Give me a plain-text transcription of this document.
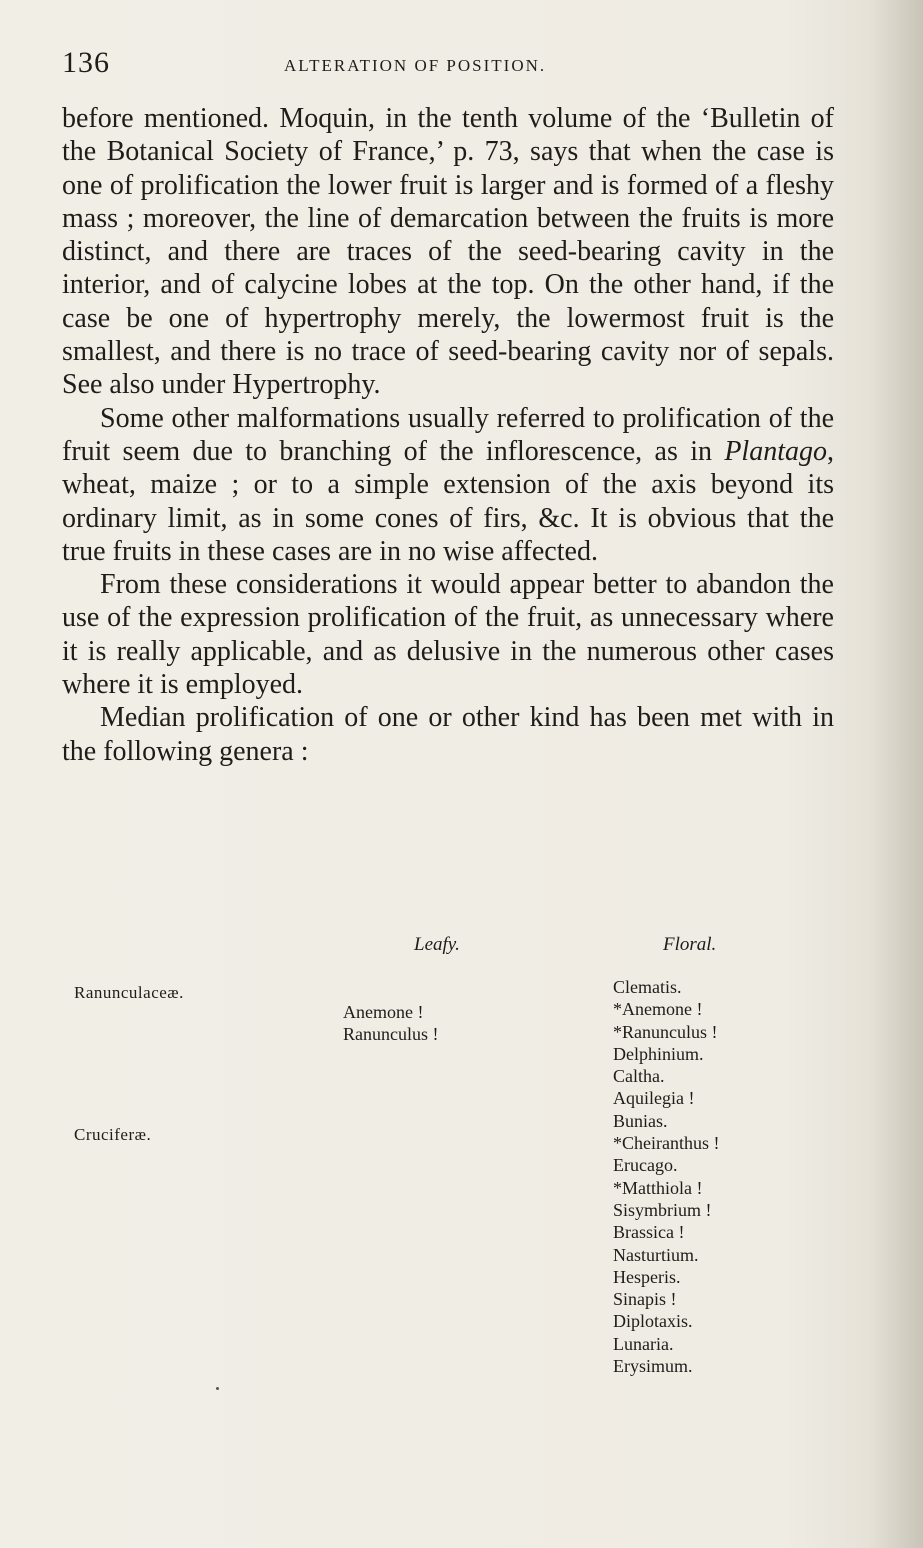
136	ALTERATION OF POSITION.

before mentioned. Moquin, in the tenth volume of the ‘Bulletin of the Botanical Society of France,’ p. 73, says that when the case is one of prolification the lower fruit is larger and is formed of a fleshy mass ; moreover, the line of demarcation between the fruits is more distinct, and there are traces of the seed-bearing cavity in the interior, and of calycine lobes at the top. On the other hand, if the case be one of hypertrophy merely, the lowermost fruit is the smallest, and there is no trace of seed-bearing cavity nor of sepals. See also under Hypertrophy.

Some other malformations usually referred to prolification of the fruit seem due to branching of the inflorescence, as in Plantago, wheat, maize ; or to a simple extension of the axis beyond its ordinary limit, as in some cones of firs, &c. It is obvious that the true fruits in these cases are in no wise affected.

From these considerations it would appear better to abandon the use of the expression prolification of the fruit, as unnecessary where it is really applicable, and as delusive in the numerous other cases where it is employed.

Median prolification of one or other kind has been met with in the following genera :

Leafy.	Floral.
Ranunculaceæ.
Cruciferæ.
Anemone !
Ranunculus !
Clematis.
*Anemone !
*Ranunculus !
Delphinium.
Caltha.
Aquilegia !
Bunias.
*Cheiranthus !
Erucago.
*Matthiola !
Sisymbrium !
Brassica !
Nasturtium.
Hesperis.
Sinapis !
Diplotaxis.
Lunaria.
Erysimum.
